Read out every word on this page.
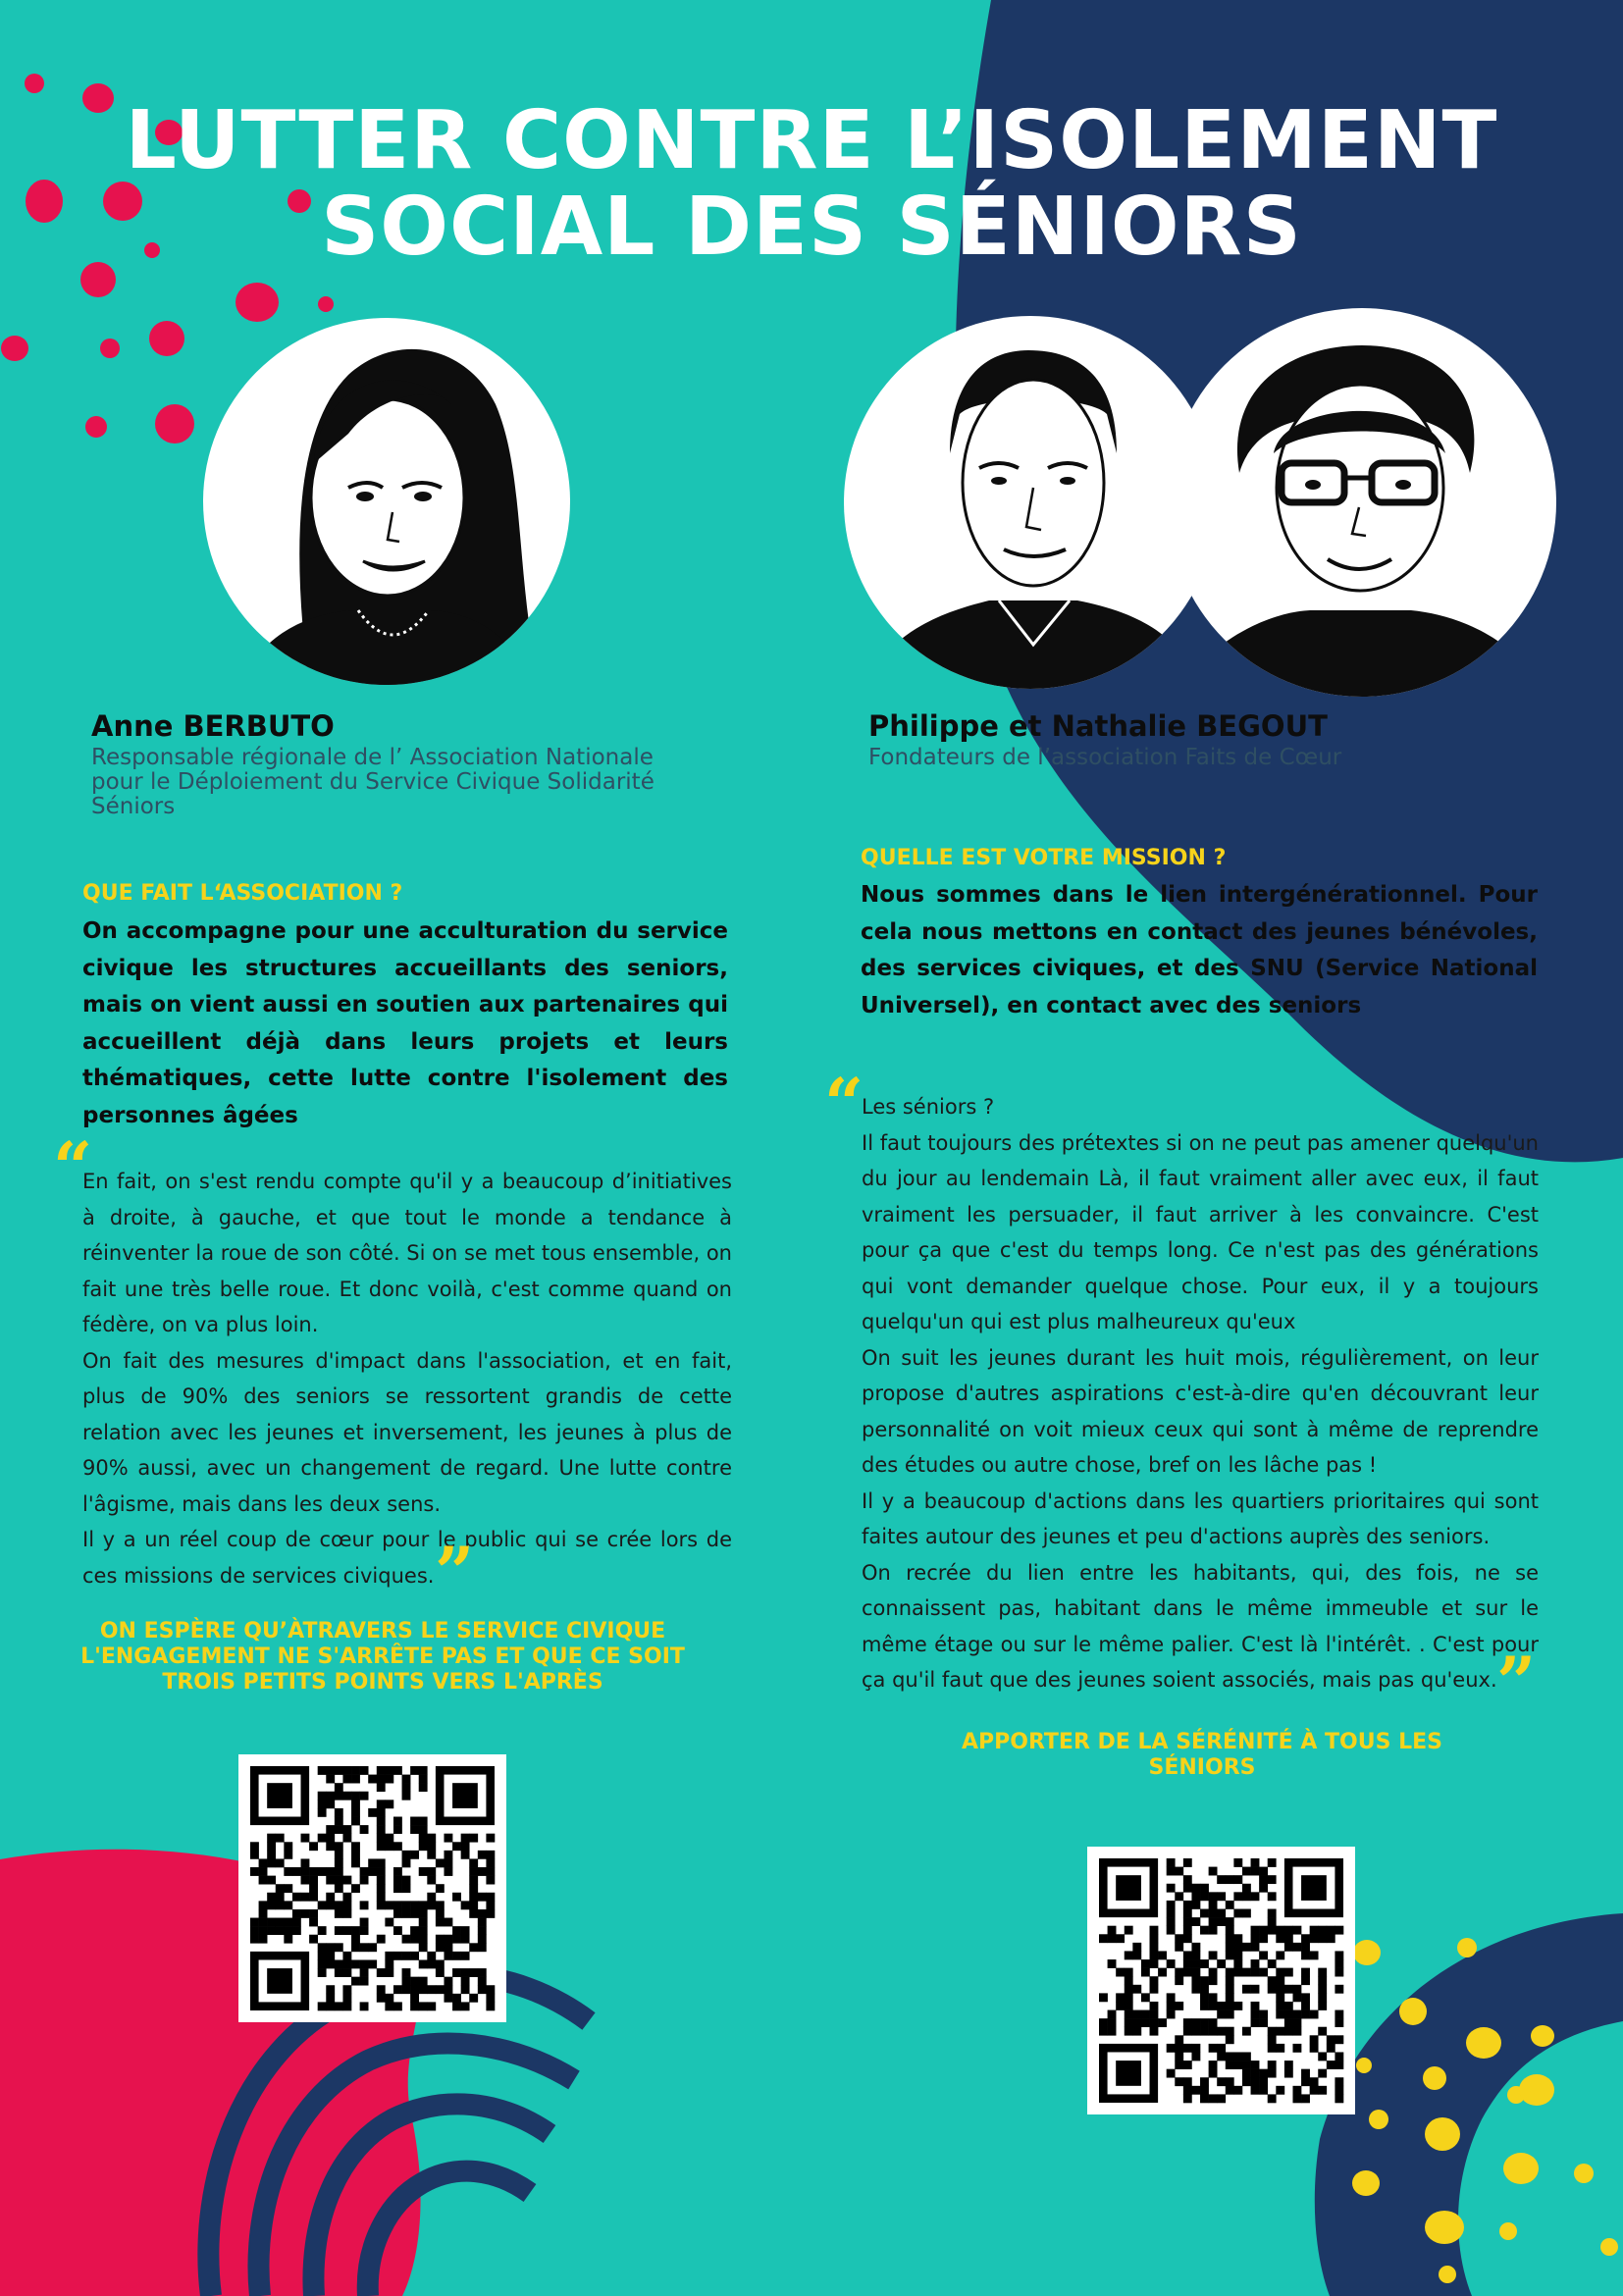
LUTTER CONTRE L’ISOLEMENT
SOCIAL DES SÉNIORS
Anne BERBUTO
Responsable régionale de l’ Association Nationale
pour le Déploiement du Service Civique Solidarité
Séniors
Philippe et Nathalie BEGOUT
Fondateurs de l’association Faits de Cœur
QUE FAIT L‘ASSOCIATION ?
On accompagne pour une acculturation du service civique les structures accueillants des seniors, mais on vient aussi en soutien aux partenaires qui accueillent déjà dans leurs projets et leurs thématiques, cette lutte contre l'isolement des personnes âgées
QUELLE EST VOTRE MISSION ?
Nous sommes dans le lien intergénérationnel. Pour cela nous mettons en contact des jeunes bénévoles, des services civiques, et des SNU (Service National Universel), en contact avec des seniors
“

En fait, on s'est rendu compte qu'il y a beaucoup d’initiatives à droite, à gauche, et que tout le monde a tendance à réinventer la roue de son côté. Si on se met tous ensemble, on fait une très belle roue. Et donc voilà, c'est comme quand on fédère, on va plus loin.

On fait des mesures d'impact dans l'association, et en fait, plus de 90% des seniors se ressortent grandis de cette relation avec les jeunes et inversement, les jeunes à plus de 90% aussi, avec un changement de regard. Une lutte contre l'âgisme, mais dans les deux sens.

Il y a un réel coup de cœur pour le public qui se crée lors de ces missions de services civiques. ”
ON ESPÈRE QU’ÀTRAVERS LE SERVICE CIVIQUE
L'ENGAGEMENT NE S'ARRÊTE PAS ET QUE CE SOIT
TROIS PETITS POINTS VERS L'APRÈS
“

Les séniors ?

Il faut toujours des prétextes si on ne peut pas amener quelqu'un du jour au lendemain Là, il faut vraiment aller avec eux, il faut vraiment les persuader, il faut arriver à les convaincre. C'est pour ça que c'est du temps long. Ce n'est pas des générations qui vont demander quelque chose. Pour eux, il y a toujours quelqu'un qui est plus malheureux qu'eux

On suit les jeunes durant les huit mois, régulièrement, on leur propose d'autres aspirations c'est-à-dire qu'en découvrant leur personnalité on voit mieux ceux qui sont à même de reprendre des études ou autre chose, bref on les lâche pas !

Il y a beaucoup d'actions dans les quartiers prioritaires qui sont faites autour des jeunes et peu d'actions auprès des seniors.

On recrée du lien entre les habitants, qui, des fois, ne se connaissent pas, habitant dans le même immeuble et sur le même étage ou sur le même palier. C'est là l'intérêt. . C'est pour ça qu'il faut que des jeunes soient associés, mais pas qu'eux. ”
APPORTER DE LA SÉRÉNITÉ À TOUS LES
SÉNIORS
